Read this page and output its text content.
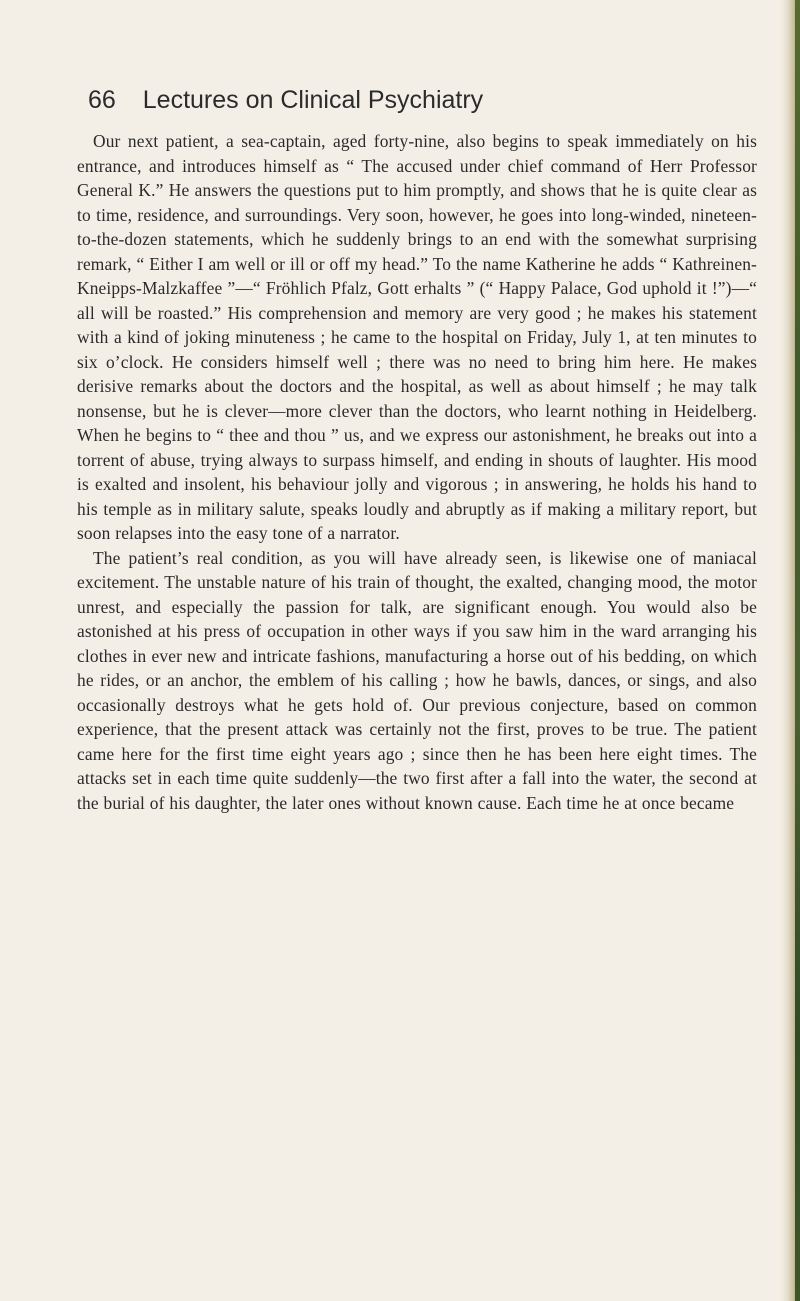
66 Lectures on Clinical Psychiatry

Our next patient, a sea-captain, aged forty-nine, also begins to speak immediately on his entrance, and introduces himself as “ The accused under chief command of Herr Professor General K.” He answers the questions put to him promptly, and shows that he is quite clear as to time, residence, and surroundings. Very soon, however, he goes into long-winded, nineteen-to-the-dozen statements, which he suddenly brings to an end with the somewhat surprising remark, “ Either I am well or ill or off my head.” To the name Katherine he adds “ Kathreinen-Kneipps-Malzkaffee ”—“ Fröhlich Pfalz, Gott erhalts ” (“ Happy Palace, God uphold it !”)—“ all will be roasted.” His comprehension and memory are very good ; he makes his statement with a kind of joking minuteness ; he came to the hospital on Friday, July 1, at ten minutes to six o’clock. He considers himself well ; there was no need to bring him here. He makes derisive remarks about the doctors and the hospital, as well as about himself ; he may talk nonsense, but he is clever—more clever than the doctors, who learnt nothing in Heidelberg. When he begins to “ thee and thou ” us, and we express our astonishment, he breaks out into a torrent of abuse, trying always to surpass himself, and ending in shouts of laughter. His mood is exalted and insolent, his behaviour jolly and vigorous ; in answering, he holds his hand to his temple as in military salute, speaks loudly and abruptly as if making a military report, but soon relapses into the easy tone of a narrator.

The patient’s real condition, as you will have already seen, is likewise one of maniacal excitement. The unstable nature of his train of thought, the exalted, changing mood, the motor unrest, and especially the passion for talk, are significant enough. You would also be astonished at his press of occupation in other ways if you saw him in the ward arranging his clothes in ever new and intricate fashions, manufacturing a horse out of his bedding, on which he rides, or an anchor, the emblem of his calling ; how he bawls, dances, or sings, and also occasionally destroys what he gets hold of. Our previous conjecture, based on common experience, that the present attack was certainly not the first, proves to be true. The patient came here for the first time eight years ago ; since then he has been here eight times. The attacks set in each time quite suddenly—the two first after a fall into the water, the second at the burial of his daughter, the later ones without known cause. Each time he at once became
